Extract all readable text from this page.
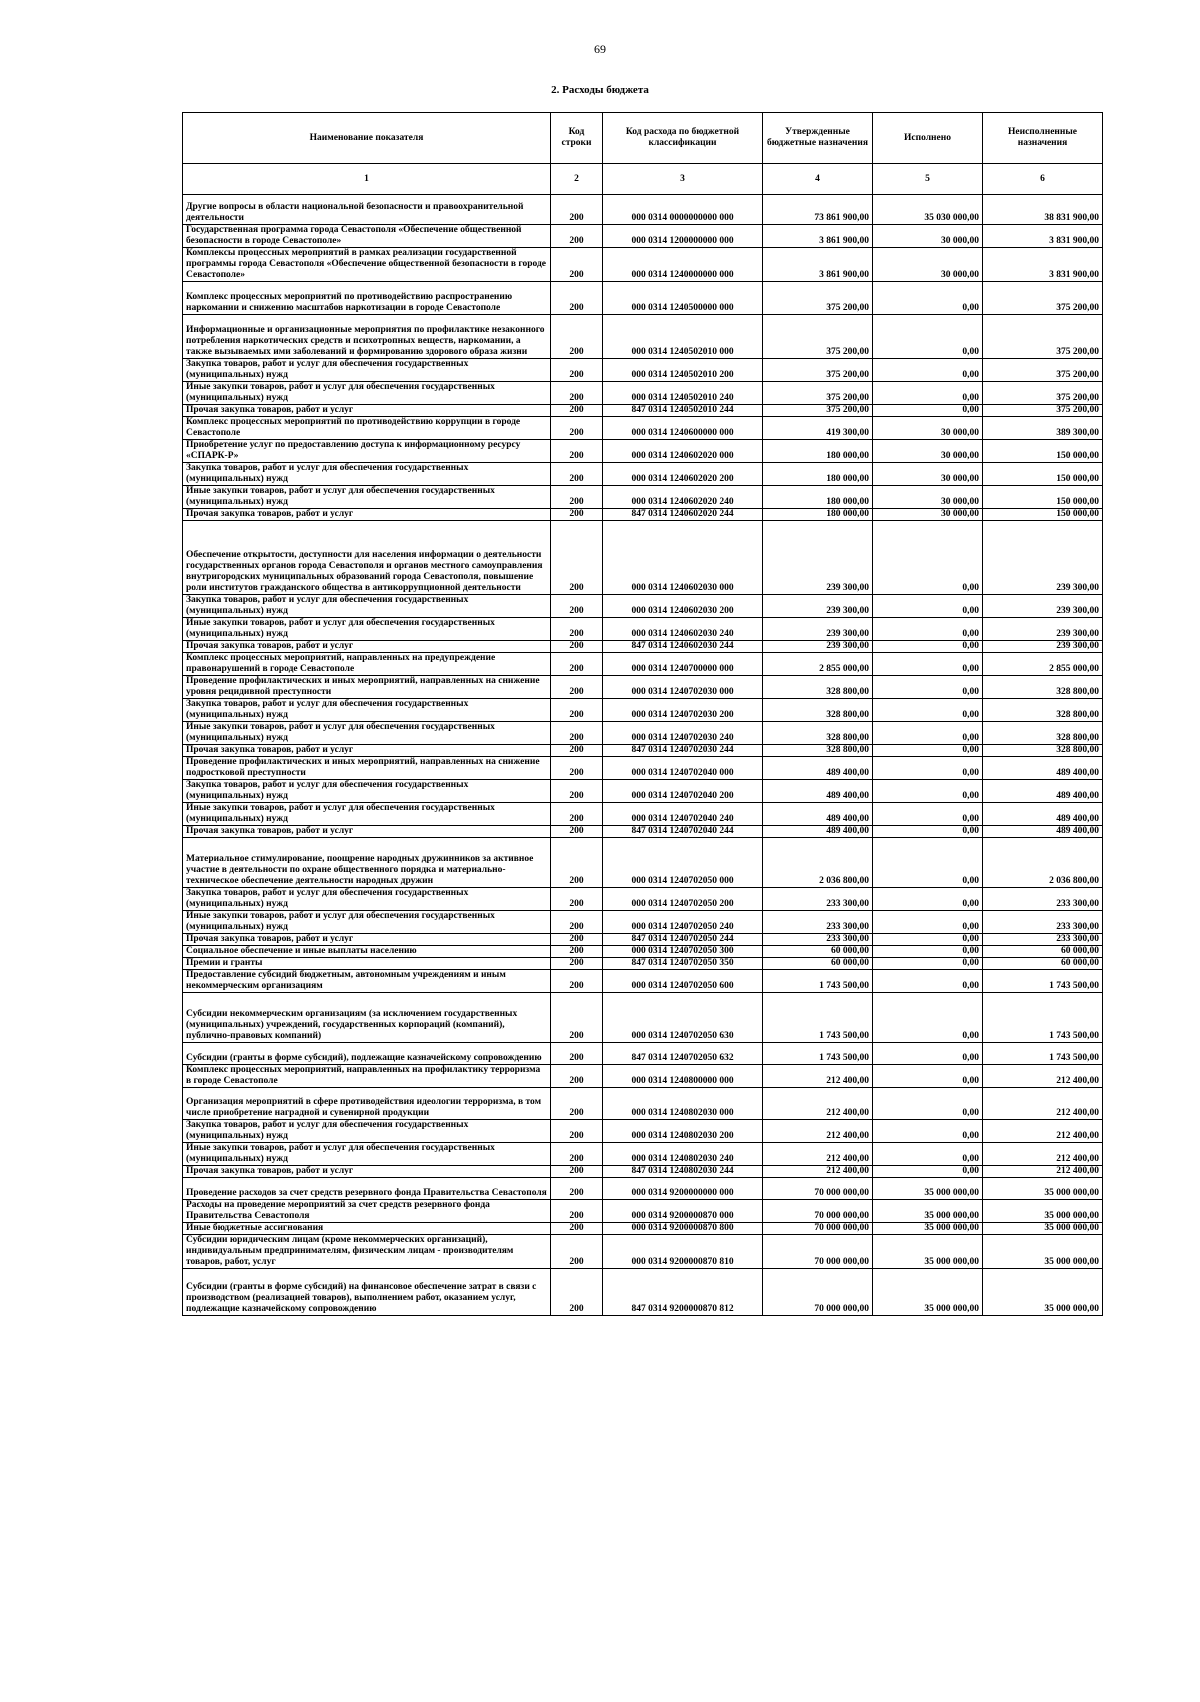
69
2. Расходы бюджета
Наименование показателя	Код строки	Код расхода по бюджетной классификации	Утвержденные бюджетные назначения	Исполнено	Неисполненные назначения
1	2	3	4	5	6
Другие вопросы в области национальной безопасности и правоохранительной деятельности	200	000 0314 0000000000 000	73 861 900,00	35 030 000,00	38 831 900,00
Государственная программа города Севастополя «Обеспечение общественной безопасности в городе Севастополе»	200	000 0314 1200000000 000	3 861 900,00	30 000,00	3 831 900,00
Комплексы процессных мероприятий в рамках реализации государственной программы города Севастополя «Обеспечение общественной безопасности в городе Севастополе»	200	000 0314 1240000000 000	3 861 900,00	30 000,00	3 831 900,00
Комплекс процессных мероприятий по противодействию распространению наркомании и снижению масштабов наркотизации в городе Севастополе	200	000 0314 1240500000 000	375 200,00	0,00	375 200,00
Информационные и организационные мероприятия по профилактике незаконного потребления наркотических средств и психотропных веществ, наркомании, а также вызываемых ими заболеваний и формированию здорового образа жизни	200	000 0314 1240502010 000	375 200,00	0,00	375 200,00
Закупка товаров, работ и услуг для обеспечения государственных (муниципальных) нужд	200	000 0314 1240502010 200	375 200,00	0,00	375 200,00
Иные закупки товаров, работ и услуг для обеспечения государственных (муниципальных) нужд	200	000 0314 1240502010 240	375 200,00	0,00	375 200,00
Прочая закупка товаров, работ и услуг	200	847 0314 1240502010 244	375 200,00	0,00	375 200,00
Комплекс процессных мероприятий по противодействию коррупции в городе Севастополе	200	000 0314 1240600000 000	419 300,00	30 000,00	389 300,00
Приобретение услуг по предоставлению доступа к информационному ресурсу «СПАРК-Р»	200	000 0314 1240602020 000	180 000,00	30 000,00	150 000,00
Закупка товаров, работ и услуг для обеспечения государственных (муниципальных) нужд	200	000 0314 1240602020 200	180 000,00	30 000,00	150 000,00
Иные закупки товаров, работ и услуг для обеспечения государственных (муниципальных) нужд	200	000 0314 1240602020 240	180 000,00	30 000,00	150 000,00
Прочая закупка товаров, работ и услуг	200	847 0314 1240602020 244	180 000,00	30 000,00	150 000,00
Обеспечение открытости, доступности для населения информации о деятельности государственных органов города Севастополя и органов местного самоуправления внутригородских муниципальных образований города Севастополя, повышение роли институтов гражданского общества в антикоррупционной деятельности	200	000 0314 1240602030 000	239 300,00	0,00	239 300,00
Закупка товаров, работ и услуг для обеспечения государственных (муниципальных) нужд	200	000 0314 1240602030 200	239 300,00	0,00	239 300,00
Иные закупки товаров, работ и услуг для обеспечения государственных (муниципальных) нужд	200	000 0314 1240602030 240	239 300,00	0,00	239 300,00
Прочая закупка товаров, работ и услуг	200	847 0314 1240602030 244	239 300,00	0,00	239 300,00
Комплекс процессных мероприятий, направленных на предупреждение правонарушений в городе Севастополе	200	000 0314 1240700000 000	2 855 000,00	0,00	2 855 000,00
Проведение профилактических и иных мероприятий, направленных на снижение уровня рецидивной преступности	200	000 0314 1240702030 000	328 800,00	0,00	328 800,00
Закупка товаров, работ и услуг для обеспечения государственных (муниципальных) нужд	200	000 0314 1240702030 200	328 800,00	0,00	328 800,00
Иные закупки товаров, работ и услуг для обеспечения государственных (муниципальных) нужд	200	000 0314 1240702030 240	328 800,00	0,00	328 800,00
Прочая закупка товаров, работ и услуг	200	847 0314 1240702030 244	328 800,00	0,00	328 800,00
Проведение профилактических и иных мероприятий, направленных на снижение подростковой преступности	200	000 0314 1240702040 000	489 400,00	0,00	489 400,00
Закупка товаров, работ и услуг для обеспечения государственных (муниципальных) нужд	200	000 0314 1240702040 200	489 400,00	0,00	489 400,00
Иные закупки товаров, работ и услуг для обеспечения государственных (муниципальных) нужд	200	000 0314 1240702040 240	489 400,00	0,00	489 400,00
Прочая закупка товаров, работ и услуг	200	847 0314 1240702040 244	489 400,00	0,00	489 400,00
Материальное стимулирование, поощрение народных дружинников за активное участие в деятельности по охране общественного порядка и материально-техническое обеспечение деятельности народных дружин	200	000 0314 1240702050 000	2 036 800,00	0,00	2 036 800,00
Закупка товаров, работ и услуг для обеспечения государственных (муниципальных) нужд	200	000 0314 1240702050 200	233 300,00	0,00	233 300,00
Иные закупки товаров, работ и услуг для обеспечения государственных (муниципальных) нужд	200	000 0314 1240702050 240	233 300,00	0,00	233 300,00
Прочая закупка товаров, работ и услуг	200	847 0314 1240702050 244	233 300,00	0,00	233 300,00
Социальное обеспечение и иные выплаты населению	200	000 0314 1240702050 300	60 000,00	0,00	60 000,00
Премии и гранты	200	847 0314 1240702050 350	60 000,00	0,00	60 000,00
Предоставление субсидий бюджетным, автономным учреждениям и иным некоммерческим организациям	200	000 0314 1240702050 600	1 743 500,00	0,00	1 743 500,00
Субсидии некоммерческим организациям (за исключением государственных (муниципальных) учреждений, государственных корпораций (компаний), публично-правовых компаний)	200	000 0314 1240702050 630	1 743 500,00	0,00	1 743 500,00
Субсидии (гранты в форме субсидий), подлежащие казначейскому сопровождению	200	847 0314 1240702050 632	1 743 500,00	0,00	1 743 500,00
Комплекс процессных мероприятий, направленных на профилактику терроризма в городе Севастополе	200	000 0314 1240800000 000	212 400,00	0,00	212 400,00
Организация мероприятий в сфере противодействия идеологии терроризма, в том числе приобретение наградной и сувенирной продукции	200	000 0314 1240802030 000	212 400,00	0,00	212 400,00
Закупка товаров, работ и услуг для обеспечения государственных (муниципальных) нужд	200	000 0314 1240802030 200	212 400,00	0,00	212 400,00
Иные закупки товаров, работ и услуг для обеспечения государственных (муниципальных) нужд	200	000 0314 1240802030 240	212 400,00	0,00	212 400,00
Прочая закупка товаров, работ и услуг	200	847 0314 1240802030 244	212 400,00	0,00	212 400,00
Проведение расходов за счет средств резервного фонда Правительства Севастополя	200	000 0314 9200000000 000	70 000 000,00	35 000 000,00	35 000 000,00
Расходы на проведение мероприятий за счет средств резервного фонда Правительства Севастополя	200	000 0314 9200000870 000	70 000 000,00	35 000 000,00	35 000 000,00
Иные бюджетные ассигнования	200	000 0314 9200000870 800	70 000 000,00	35 000 000,00	35 000 000,00
Субсидии юридическим лицам (кроме некоммерческих организаций), индивидуальным предпринимателям, физическим лицам - производителям товаров, работ, услуг	200	000 0314 9200000870 810	70 000 000,00	35 000 000,00	35 000 000,00
Субсидии (гранты в форме субсидий) на финансовое обеспечение затрат в связи с производством (реализацией товаров), выполнением работ, оказанием услуг, подлежащие казначейскому сопровождению	200	847 0314 9200000870 812	70 000 000,00	35 000 000,00	35 000 000,00
